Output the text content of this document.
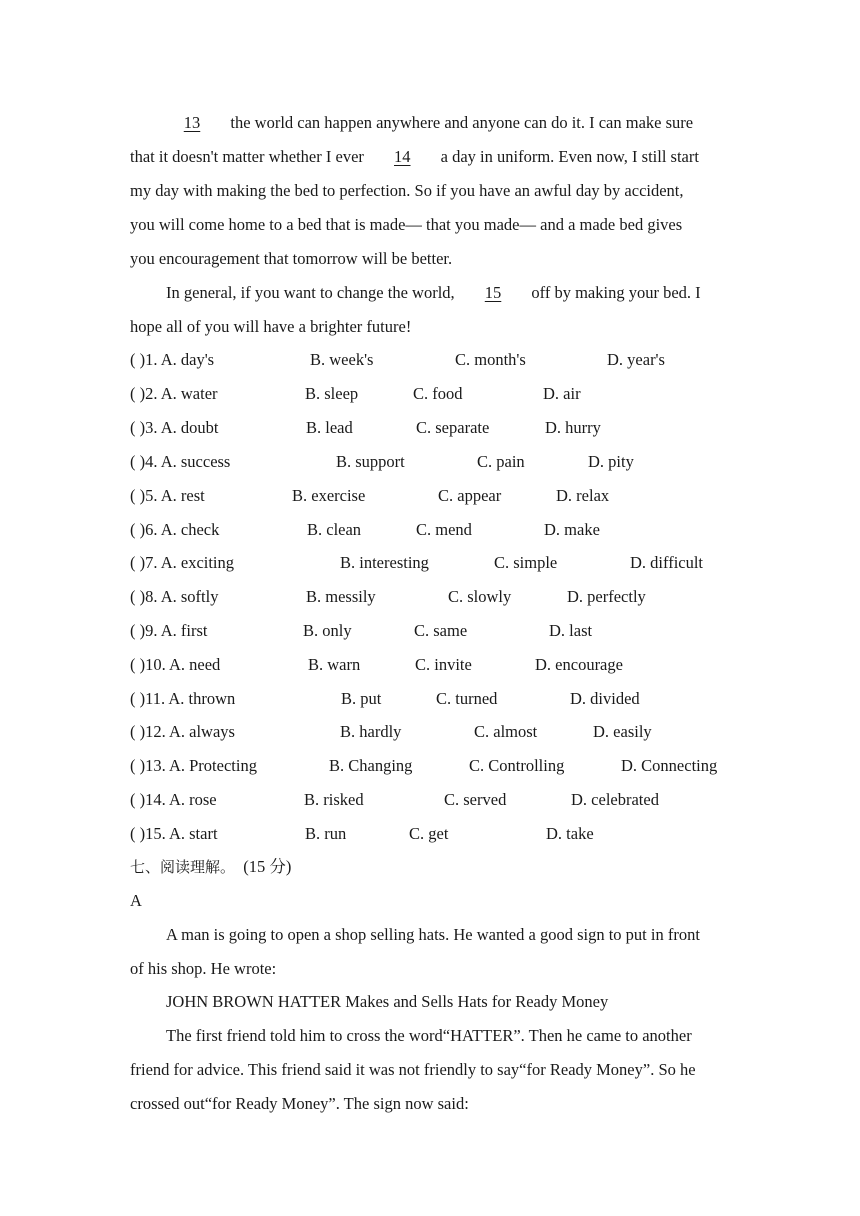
13 the world can happen anywhere and anyone can do it. I can make sure
that it doesn't matter whether I ever 14 a day in uniform. Even now, I still start
my day with making the bed to perfection. So if you have an awful day by accident,
you will come home to a bed that is made— that you made— and a made bed gives
you encouragement that tomorrow will be better.
In general, if you want to change the world, 15 off by making your bed. I
hope all of you will have a brighter future!
( )1. A. day's	B. week's	C. month's	D. year's
( )2. A. water	B. sleep	C. food	D. air
( )3. A. doubt	B. lead	C. separate	D. hurry
( )4. A. success	B. support	C. pain	D. pity
( )5. A. rest	B. exercise	C. appear	D. relax
( )6. A. check	B. clean	C. mend	D. make
( )7. A. exciting	B. interesting	C. simple	D. difficult
( )8. A. softly	B. messily	C. slowly	D. perfectly
( )9. A. first	B. only	C. same	D. last
( )10. A. need	B. warn	C. invite	D. encourage
( )11. A. thrown	B. put	C. turned	D. divided
( )12. A. always	B. hardly	C. almost	D. easily
( )13. A. Protecting	B. Changing	C. Controlling	D. Connecting
( )14. A. rose	B. risked	C. served	D. celebrated
( )15. A. start	B. run	C. get	D. take
七、阅读理解。 (15 分)
A
A man is going to open a shop selling hats. He wanted a good sign to put in front
of his shop. He wrote:
JOHN BROWN HATTER Makes and Sells Hats for Ready Money
The first friend told him to cross the word“HATTER”. Then he came to another
friend for advice. This friend said it was not friendly to say“for Ready Money”. So he
crossed out“for Ready Money”. The sign now said:
